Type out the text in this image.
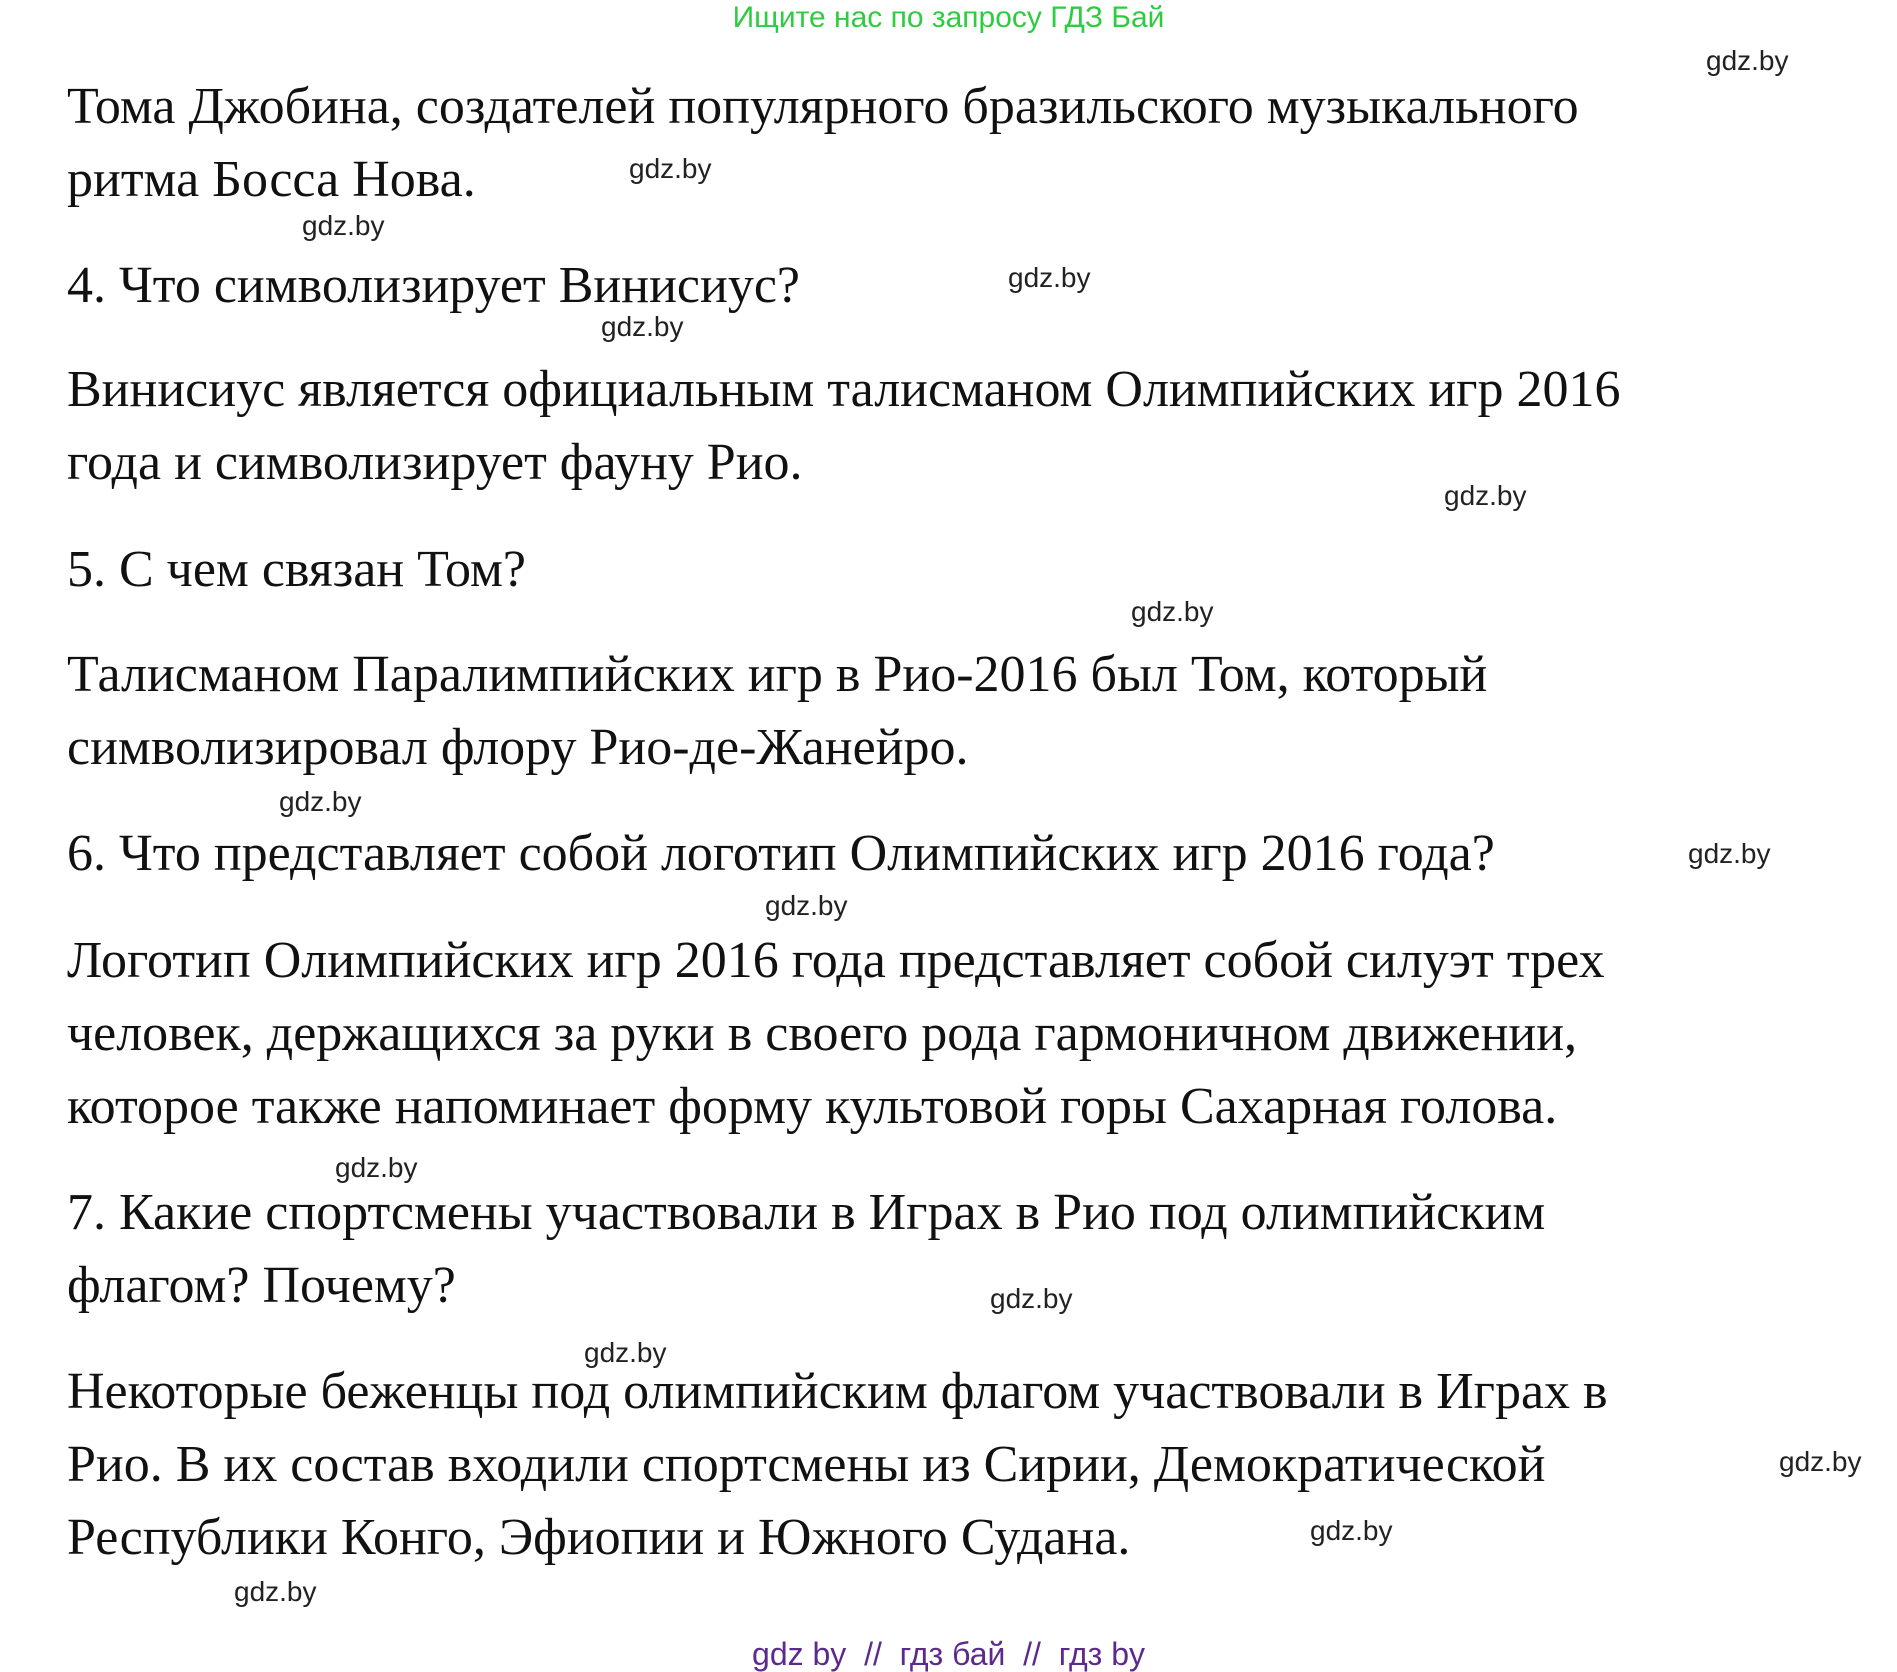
Ищите нас по запросу ГДЗ Бай
Тома Джобина, создателей популярного бразильского музыкального
ритма Босса Нова.
4. Что символизирует Винисиус?
Винисиус является официальным талисманом Олимпийских игр 2016
года и символизирует фауну Рио.
5. С чем связан Том?
Талисманом Паралимпийских игр в Рио-2016 был Том, который
символизировал флору Рио-де-Жанейро.
6. Что представляет собой логотип Олимпийских игр 2016 года?
Логотип Олимпийских игр 2016 года представляет собой силуэт трех
человек, держащихся за руки в своего рода гармоничном движении,
которое также напоминает форму культовой горы Сахарная голова.
7. Какие спортсмены участвовали в Играх в Рио под олимпийским
флагом? Почему?
Некоторые беженцы под олимпийским флагом участвовали в Играх в
Рио. В их состав входили спортсмены из Сирии, Демократической
Республики Конго, Эфиопии и Южного Судана.
gdz.by
gdz.by
gdz.by
gdz.by
gdz.by
gdz.by
gdz.by
gdz.by
gdz.by
gdz.by
gdz.by
gdz.by
gdz.by
gdz.by
gdz.by
gdz.by
gdz by  //  гдз бай  //  гдз by
